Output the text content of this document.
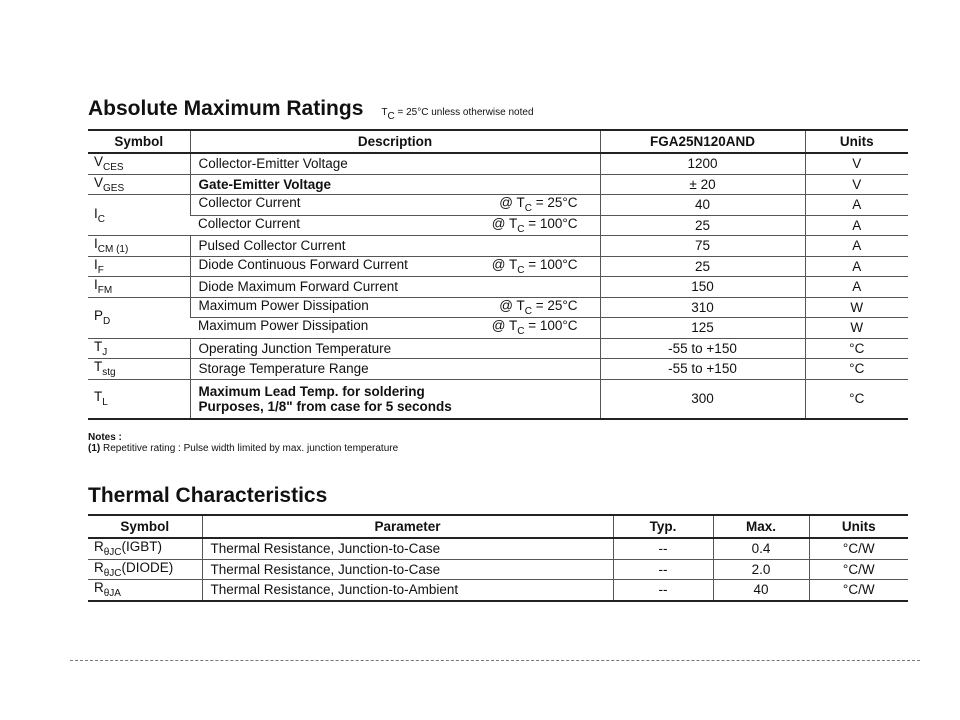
Absolute Maximum Ratings $T_C = 25^\circ C$ unless otherwise noted
Symbol	Description	FGA25N120AND	Units
$V_{CES}$	Collector-Emitter Voltage	1200	V
$V_{GES}$	Gate-Emitter Voltage	± 20	V
$I_C$	Collector Current @ $T_C = 25^\circ C$	40	A

	Collector Current @ $T_C = 100^\circ C$	25	A
$I_{CM (1)}$	Pulsed Collector Current	75	A
$I_F$	Diode Continuous Forward Current @ $T_C = 100^\circ C$	25	A
$I_{FM}$	Diode Maximum Forward Current	150	A
$P_D$	Maximum Power Dissipation @ $T_C = 25^\circ C$	310	W

	Maximum Power Dissipation @ $T_C = 100^\circ C$	125	W
$T_J$	Operating Junction Temperature	-55 to +150	°C
$T_{stg}$	Storage Temperature Range	-55 to +150	°C
$T_L$	Maximum Lead Temp. for soldering
Purposes, 1/8" from case for 5 seconds	300	°C
Notes :
(1) Repetitive rating : Pulse width limited by max. junction temperature
Thermal Characteristics
Symbol	Parameter	Typ.	Max.	Units
$R_{\theta JC}(IGBT)$	Thermal Resistance, Junction-to-Case	--	0.4	°C/W
$R_{\theta JC}(DIODE)$	Thermal Resistance, Junction-to-Case	--	2.0	°C/W
$R_{\theta JA}$	Thermal Resistance, Junction-to-Ambient	--	40	°C/W
